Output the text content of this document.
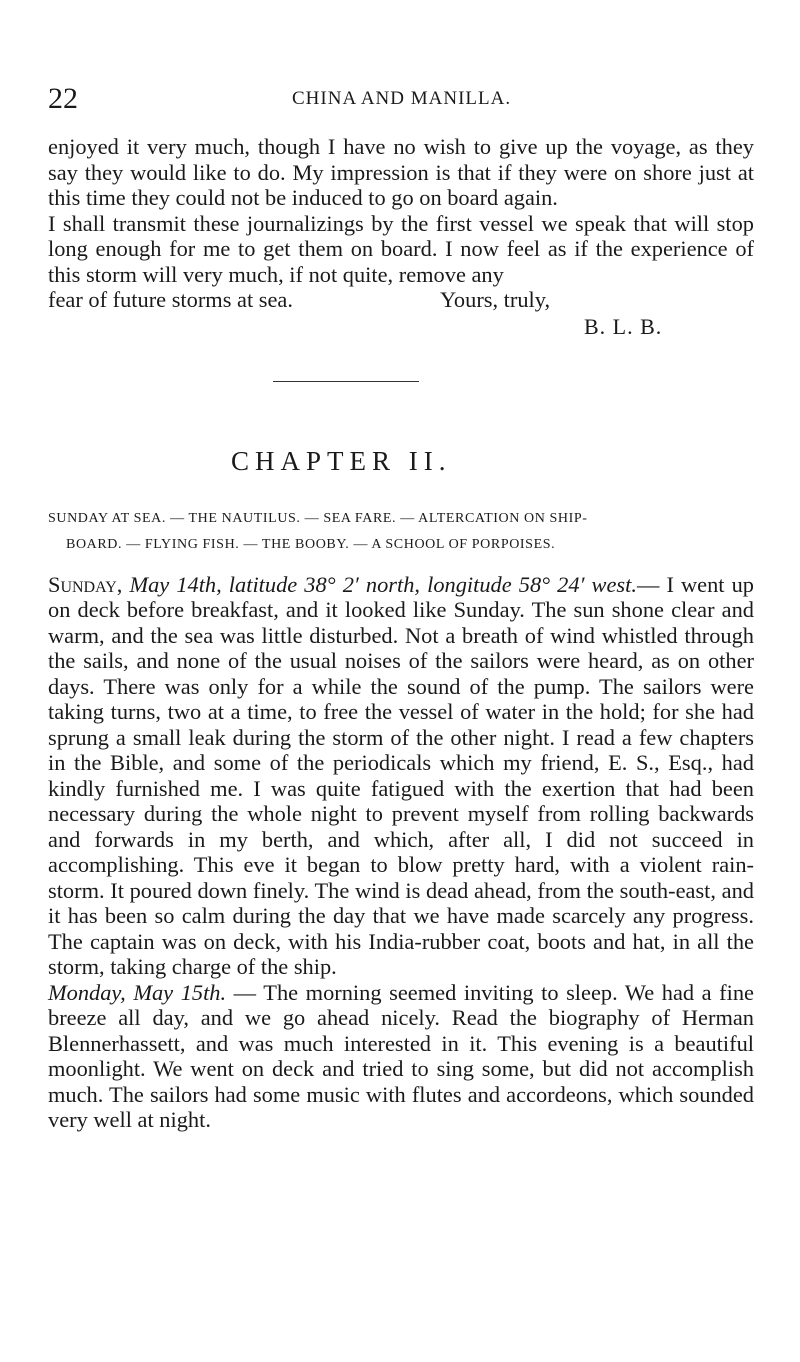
22	CHINA AND MANILLA.

enjoyed it very much, though I have no wish to give up the voyage, as they say they would like to do. My impression is that if they were on shore just at this time they could not be induced to go on board again.

I shall transmit these journalizings by the first vessel we speak that will stop long enough for me to get them on board. I now feel as if the experience of this storm will very much, if not quite, remove any

fear of future storms at sea.	Yours, truly,
B. L. B.
CHAPTER II.
SUNDAY AT SEA. — THE NAUTILUS. — SEA FARE. — ALTERCATION ON SHIP-
BOARD. — FLYING FISH. — THE BOOBY. — A SCHOOL OF PORPOISES.

Sunday, May 14th, latitude 38° 2′ north, longitude 58° 24′ west.— I went up on deck before breakfast, and it looked like Sunday. The sun shone clear and warm, and the sea was little disturbed. Not a breath of wind whistled through the sails, and none of the usual noises of the sailors were heard, as on other days. There was only for a while the sound of the pump. The sailors were taking turns, two at a time, to free the vessel of water in the hold; for she had sprung a small leak during the storm of the other night. I read a few chapters in the Bible, and some of the periodicals which my friend, E. S., Esq., had kindly furnished me. I was quite fatigued with the exertion that had been necessary during the whole night to prevent myself from rolling backwards and forwards in my berth, and which, after all, I did not succeed in accomplishing. This eve it began to blow pretty hard, with a violent rain-storm. It poured down finely. The wind is dead ahead, from the south-east, and it has been so calm during the day that we have made scarcely any progress. The captain was on deck, with his India-rubber coat, boots and hat, in all the storm, taking charge of the ship.

Monday, May 15th. — The morning seemed inviting to sleep. We had a fine breeze all day, and we go ahead nicely. Read the biography of Herman Blennerhassett, and was much interested in it. This evening is a beautiful moonlight. We went on deck and tried to sing some, but did not accomplish much. The sailors had some music with flutes and accordeons, which sounded very well at night.
